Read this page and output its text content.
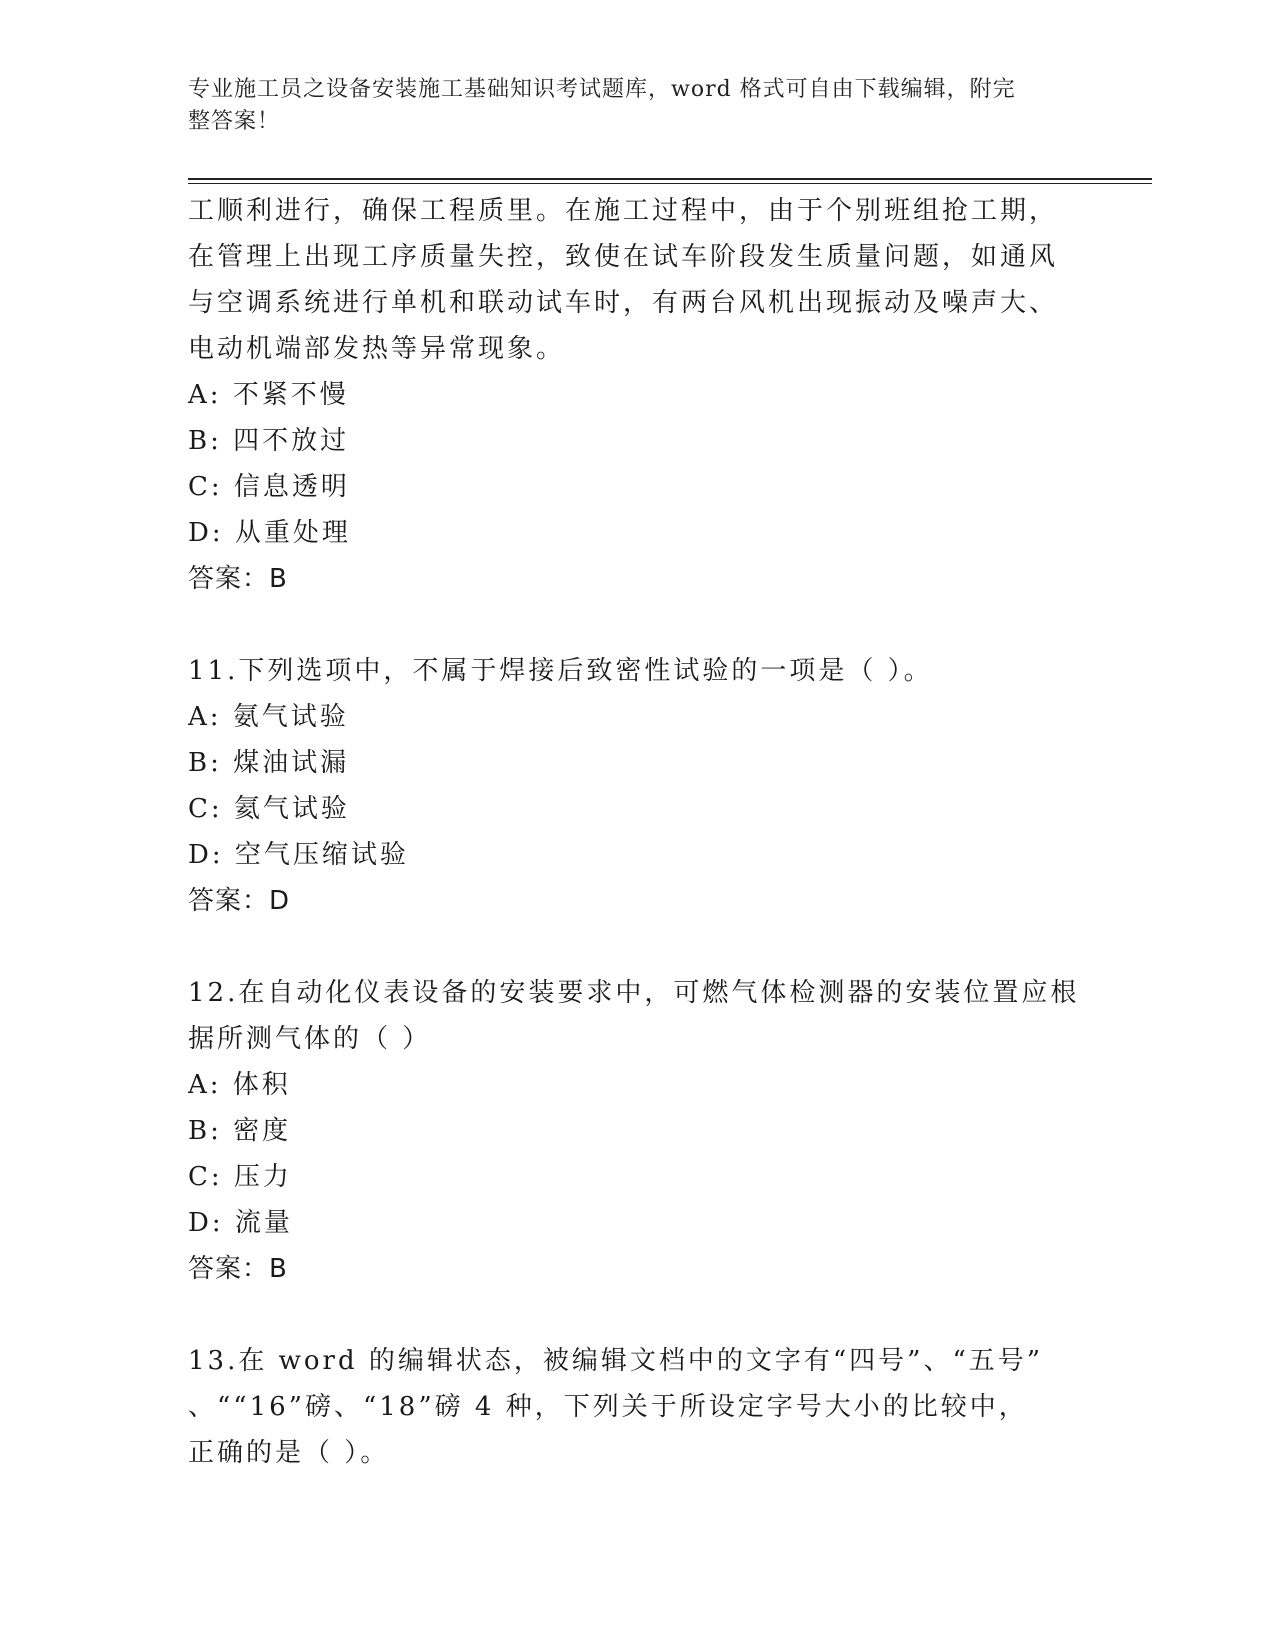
专业施工员之设备安装施工基础知识考试题库，word 格式可自由下载编辑，附完
整答案！
工顺利进行，确保工程质里。在施工过程中，由于个别班组抢工期，
在管理上出现工序质量失控，致使在试车阶段发生质量问题，如通风
与空调系统进行单机和联动试车时，有两台风机出现振动及噪声大、
电动机端部发热等异常现象。
A: 不紧不慢
B: 四不放过
C: 信息透明
D: 从重处理
答案：B
11.下列选项中，不属于焊接后致密性试验的一项是（ ）。
A: 氨气试验
B: 煤油试漏
C: 氦气试验
D: 空气压缩试验
答案：D
12.在自动化仪表设备的安装要求中，可燃气体检测器的安装位置应根
据所测气体的（ ）
A: 体积
B: 密度
C: 压力
D: 流量
答案：B
13.在 word 的编辑状态，被编辑文档中的文字有“四号”、“五号”
、““16”磅、“18”磅 4 种，下列关于所设定字号大小的比较中，
正确的是（ ）。
